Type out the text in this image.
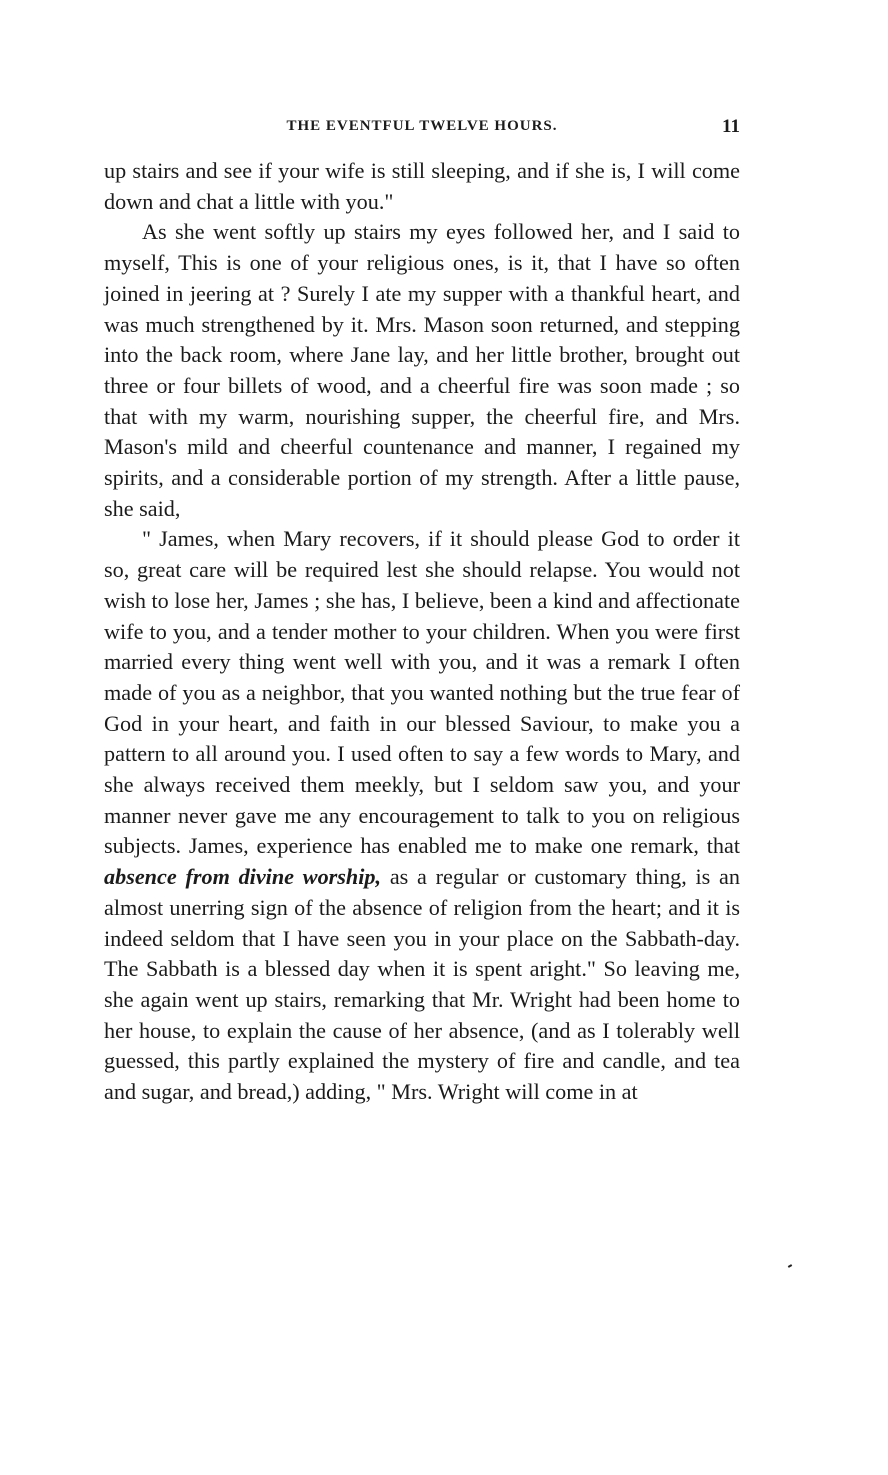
THE EVENTFUL TWELVE HOURS.	11

up stairs and see if your wife is still sleeping, and if she is, I will come down and chat a little with you."

As she went softly up stairs my eyes followed her, and I said to myself, This is one of your religious ones, is it, that I have so often joined in jeering at ? Surely I ate my supper with a thankful heart, and was much strengthened by it. Mrs. Mason soon returned, and stepping into the back room, where Jane lay, and her little brother, brought out three or four billets of wood, and a cheerful fire was soon made ; so that with my warm, nourishing supper, the cheerful fire, and Mrs. Mason's mild and cheerful countenance and manner, I regained my spirits, and a considerable portion of my strength. After a little pause, she said,

" James, when Mary recovers, if it should please God to order it so, great care will be required lest she should relapse. You would not wish to lose her, James ; she has, I believe, been a kind and affectionate wife to you, and a tender mother to your children. When you were first married every thing went well with you, and it was a remark I often made of you as a neighbor, that you wanted nothing but the true fear of God in your heart, and faith in our blessed Saviour, to make you a pattern to all around you. I used often to say a few words to Mary, and she always received them meekly, but I seldom saw you, and your manner never gave me any encouragement to talk to you on religious subjects. James, experience has enabled me to make one remark, that absence from divine worship, as a regular or customary thing, is an almost unerring sign of the absence of religion from the heart; and it is indeed seldom that I have seen you in your place on the Sabbath-day. The Sabbath is a blessed day when it is spent aright." So leaving me, she again went up stairs, remarking that Mr. Wright had been home to her house, to explain the cause of her absence, (and as I tolerably well guessed, this partly explained the mystery of fire and candle, and tea and sugar, and bread,) adding, " Mrs. Wright will come in at
